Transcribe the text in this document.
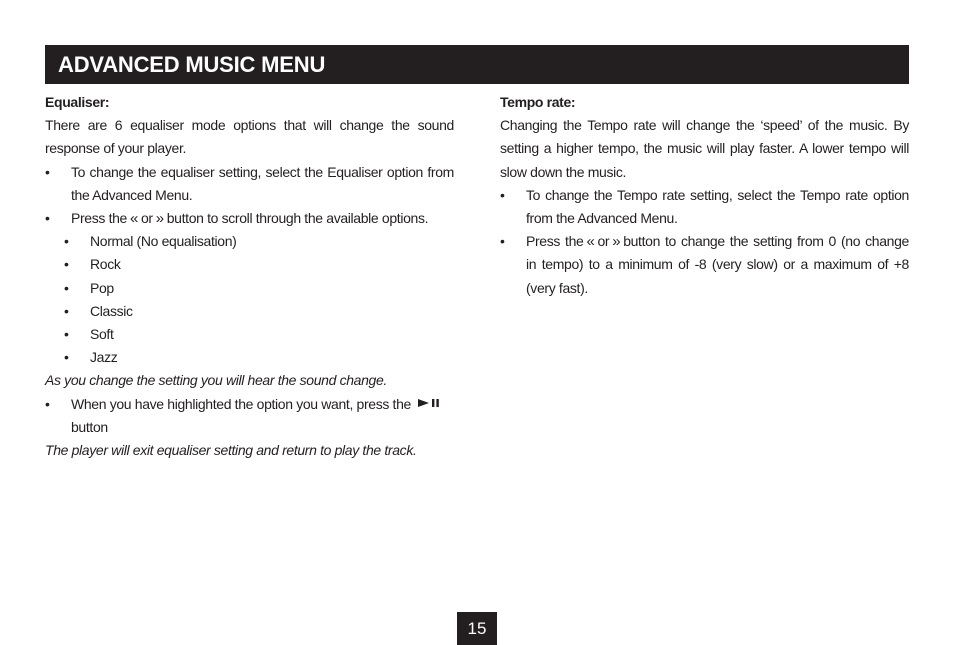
ADVANCED MUSIC MENU
Equaliser:
There are 6 equaliser mode options that will change the sound response of your player.
• To change the equaliser setting, select the Equaliser option from the Advanced Menu.
• Press the « or » button to scroll through the available options.
• Normal (No equalisation)
• Rock
• Pop
• Classic
• Soft
• Jazz
As you change the setting you will hear the sound change.
• When you have highlighted the option you want, press the
button
The player will exit equaliser setting and return to play the track.
Tempo rate:
Changing the Tempo rate will change the ‘speed’ of the music. By setting a higher tempo, the music will play faster. A lower tempo will slow down the music.
• To change the Tempo rate setting, select the Tempo rate option from the Advanced Menu.
• Press the « or » button to change the setting from 0 (no change in tempo) to a minimum of -8 (very slow) or a maximum of +8 (very fast).
15
